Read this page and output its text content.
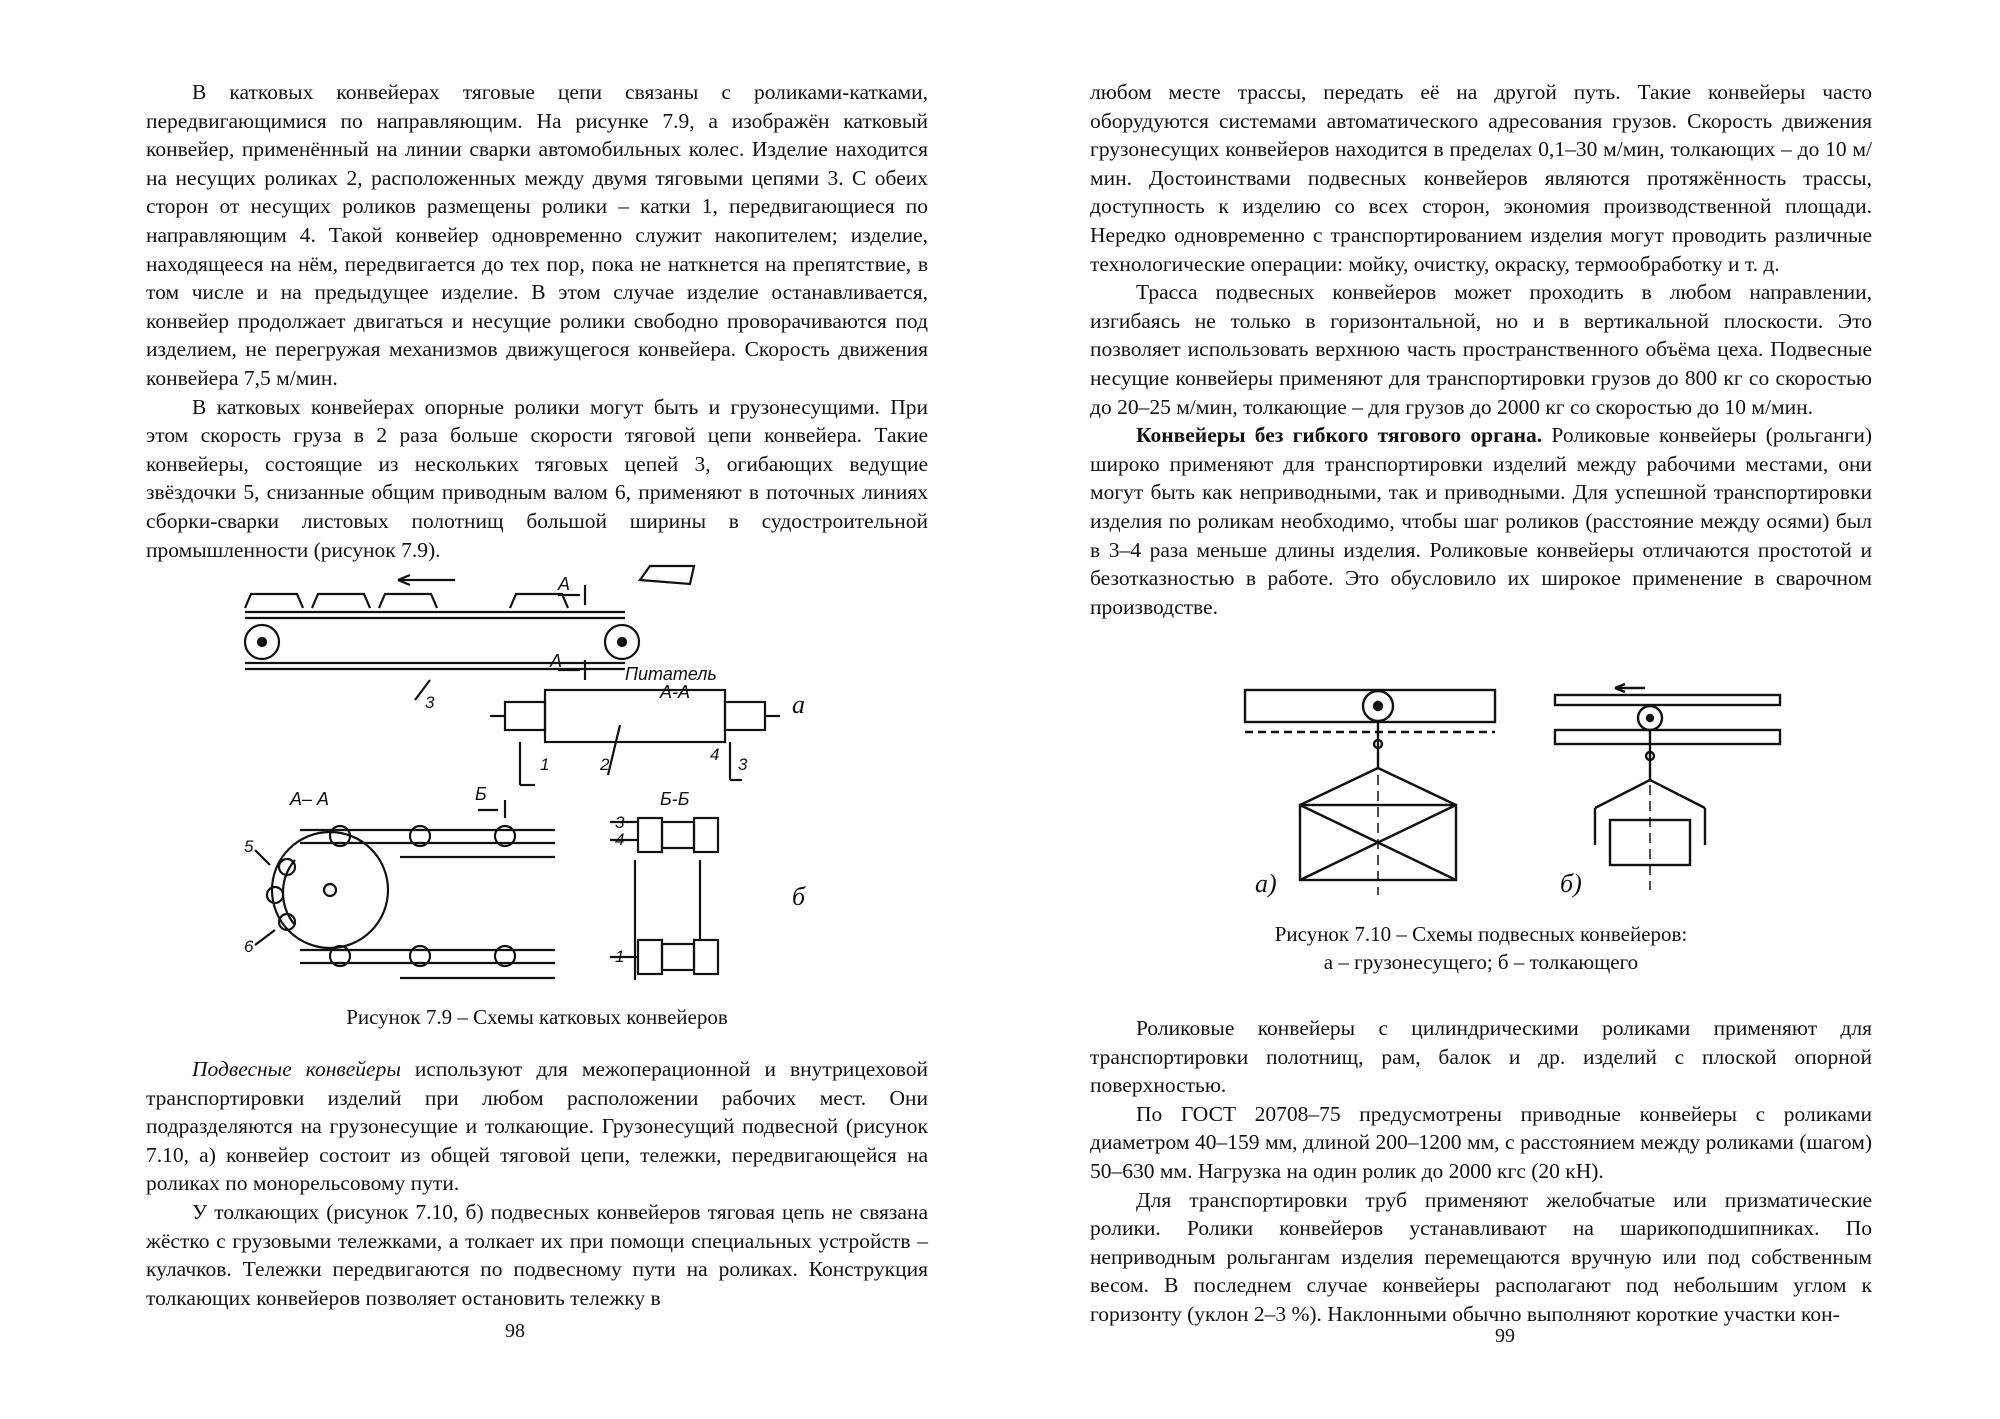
В катковых конвейерах тяговые цепи связаны с роликами-катками, передвигающимися по направляющим. На рисунке 7.9, а изображён катковый конвейер, применённый на линии сварки автомобильных колес. Изделие находится на несущих роликах 2, расположенных между двумя тяговыми цепями 3. С обеих сторон от несущих роликов размещены ролики – катки 1, передвигающиеся по направляющим 4. Такой конвейер одновременно служит накопителем; изделие, находящееся на нём, передвигается до тех пор, пока не наткнется на препятствие, в том числе и на предыдущее изделие. В этом случае изделие останавливается, конвейер продолжает двигаться и несущие ролики свободно проворачиваются под изделием, не перегружая механизмов движущегося конвейера. Скорость движения конвейера 7,5 м/мин.

В катковых конвейерах опорные ролики могут быть и грузонесущими. При этом скорость груза в 2 раза больше скорости тяговой цепи конвейера. Такие конвейеры, состоящие из нескольких тяговых цепей 3, огибающих ведущие звёздочки 5, снизанные общим приводным валом 6, применяют в поточных линиях сборки-сварки листовых полотнищ большой ширины в судостроительной промышленности (рисунок 7.9).

Питатель
А-А
А– А	Б-Б
А
А
Б
а
б
1	2	3
4
3
4
1
5
6
3

Рисунок 7.9 – Схемы катковых конвейеров

Подвесные конвейеры используют для межоперационной и внутрицеховой транспортировки изделий при любом расположении рабочих мест. Они подразделяются на грузонесущие и толкающие. Грузонесущий подвесной (рисунок 7.10, а) конвейер состоит из общей тяговой цепи, тележки, передвигающейся на роликах по монорельсовому пути.

У толкающих (рисунок 7.10, б) подвесных конвейеров тяговая цепь не связана жёстко с грузовыми тележками, а толкает их при помощи специальных устройств – кулачков. Тележки передвигаются по подвесному пути на роликах. Конструкция толкающих конвейеров позволяет остановить тележку в

98

любом месте трассы, передать её на другой путь. Такие конвейеры часто оборудуются системами автоматического адресования грузов. Скорость движения грузонесущих конвейеров находится в пределах 0,1–30 м/мин, толкающих – до 10 м/мин. Достоинствами подвесных конвейеров являются протяжённость трассы, доступность к изделию со всех сторон, экономия производственной площади. Нередко одновременно с транспортированием изделия могут проводить различные технологические операции: мойку, очистку, окраску, термообработку и т. д.

Трасса подвесных конвейеров может проходить в любом направлении, изгибаясь не только в горизонтальной, но и в вертикальной плоскости. Это позволяет использовать верхнюю часть пространственного объёма цеха. Подвесные несущие конвейеры применяют для транспортировки грузов до 800 кг со скоростью до 20–25 м/мин, толкающие – для грузов до 2000 кг со скоростью до 10 м/мин.

Конвейеры без гибкого тягового органа. Роликовые конвейеры (рольганги) широко применяют для транспортировки изделий между рабочими местами, они могут быть как неприводными, так и приводными. Для успешной транспортировки изделия по роликам необходимо, чтобы шаг роликов (расстояние между осями) был в 3–4 раза меньше длины изделия. Роликовые конвейеры отличаются простотой и безотказностью в работе. Это обусловило их широкое применение в сварочном производстве.

а)	б)

Рисунок 7.10 – Схемы подвесных конвейеров:

а – грузонесущего; б – толкающего

Роликовые конвейеры с цилиндрическими роликами применяют для транспортировки полотнищ, рам, балок и др. изделий с плоской опорной поверхностью.

По ГОСТ 20708–75 предусмотрены приводные конвейеры с роликами диаметром 40–159 мм, длиной 200–1200 мм, с расстоянием между роликами (шагом) 50–630 мм. Нагрузка на один ролик до 2000 кгс (20 кН).

Для транспортировки труб применяют желобчатые или призматические ролики. Ролики конвейеров устанавливают на шарикоподшипниках. По неприводным рольгангам изделия перемещаются вручную или под собственным весом. В последнем случае конвейеры располагают под небольшим углом к горизонту (уклон 2–3 %). Наклонными обычно выполняют короткие участки кон-

99
